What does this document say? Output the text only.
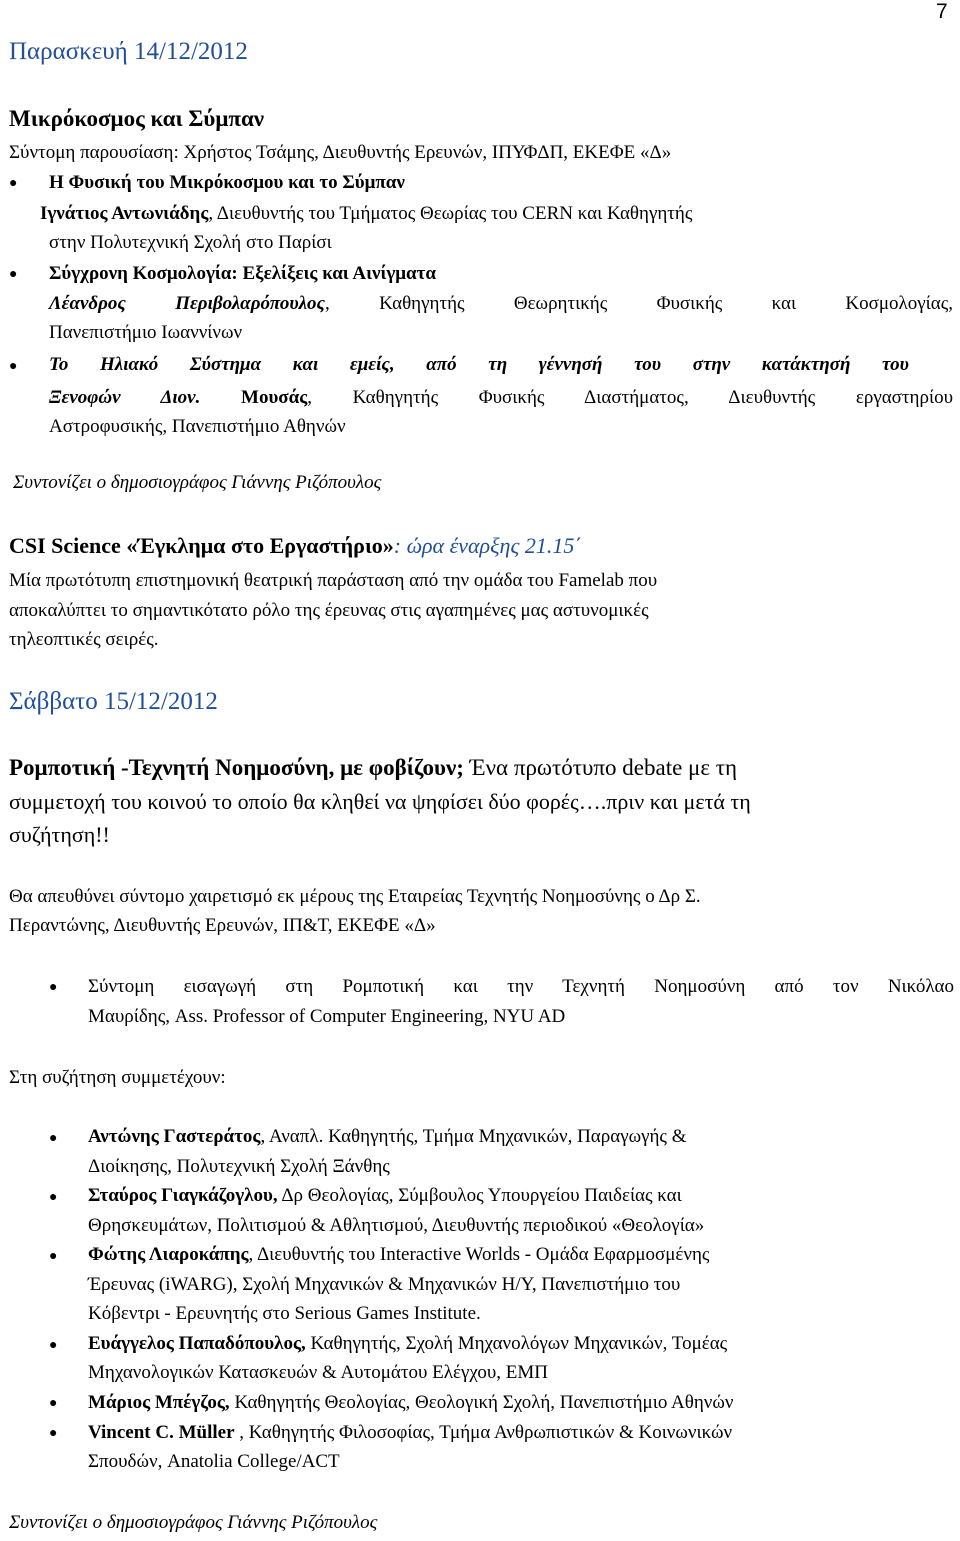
7
Παρασκευή 14/12/2012
Μικρόκοσμος και Σύμπαν
Σύντομη παρουσίαση: Χρήστος Τσάμης, Διευθυντής Ερευνών, ΙΠΥΦΔΠ, ΕΚΕΦΕ «Δ»
● Η Φυσική του Μικρόκοσμου και το Σύμπαν
Ιγνάτιος Αντωνιάδης, Διευθυντής του Τμήματος Θεωρίας του CERN και Καθηγητής
στην Πολυτεχνική Σχολή στο Παρίσι
● Σύγχρονη Κοσμολογία: Εξελίξεις και Αινίγματα
Λέανδρος Περιβολαρόπουλος, Καθηγητής Θεωρητικής Φυσικής και Κοσμολογίας,
Πανεπιστήμιο Ιωαννίνων
● Το Ηλιακό Σύστημα και εμείς, από τη γέννησή του στην κατάκτησή του
Ξενοφών Διον. Μουσάς, Καθηγητής Φυσικής Διαστήματος, Διευθυντής εργαστηρίου
Αστροφυσικής, Πανεπιστήμιο Αθηνών
Συντονίζει ο δημοσιογράφος Γιάννης Ριζόπουλος
CSI Science «Έγκλημα στο Εργαστήριο»: ώρα έναρξης 21.15΄
Μία πρωτότυπη επιστημονική θεατρική παράσταση από την ομάδα του Famelab που
αποκαλύπτει το σημαντικότατο ρόλο της έρευνας στις αγαπημένες μας αστυνομικές
τηλεοπτικές σειρές.
Σάββατο 15/12/2012
Ρομποτική -Τεχνητή Νοημοσύνη, με φοβίζουν; Ένα πρωτότυπο debate με τη
συμμετοχή του κοινού το οποίο θα κληθεί να ψηφίσει δύο φορές….πριν και μετά τη
συζήτηση!!
Θα απευθύνει σύντομο χαιρετισμό εκ μέρους της Εταιρείας Τεχνητής Νοημοσύνης ο Δρ Σ.
Περαντώνης, Διευθυντής Ερευνών, ΙΠ&Τ, ΕΚΕΦΕ «Δ»
● Σύντομη εισαγωγή στη Ρομποτική και την Τεχνητή Νοημοσύνη από τον Νικόλαο
Μαυρίδης, Ass. Professor of Computer Engineering, NYU AD
Στη συζήτηση συμμετέχουν:
● Αντώνης Γαστεράτος, Αναπλ. Καθηγητής, Τμήμα Μηχανικών, Παραγωγής &
Διοίκησης, Πολυτεχνική Σχολή Ξάνθης
● Σταύρος Γιαγκάζογλου, Δρ Θεολογίας, Σύμβουλος Υπουργείου Παιδείας και
Θρησκευμάτων, Πολιτισμού & Αθλητισμού, Διευθυντής περιοδικού «Θεολογία»
● Φώτης Λιαροκάπης, Διευθυντής του Interactive Worlds - Ομάδα Εφαρμοσμένης
Έρευνας (iWARG), Σχολή Μηχανικών & Μηχανικών Η/Υ, Πανεπιστήμιο του
Κόβεντρι - Ερευνητής στο Serious Games Institute.
● Ευάγγελος Παπαδόπουλος, Καθηγητής, Σχολή Μηχανολόγων Μηχανικών, Τομέας
Μηχανολογικών Κατασκευών & Αυτομάτου Ελέγχου, ΕΜΠ
● Μάριος Μπέγζος, Καθηγητής Θεολογίας, Θεολογική Σχολή, Πανεπιστήμιο Αθηνών
● Vincent C. Müller , Καθηγητής Φιλοσοφίας, Τμήμα Ανθρωπιστικών & Κοινωνικών
Σπουδών, Anatolia College/ACT
Συντονίζει ο δημοσιογράφος Γιάννης Ριζόπουλος
